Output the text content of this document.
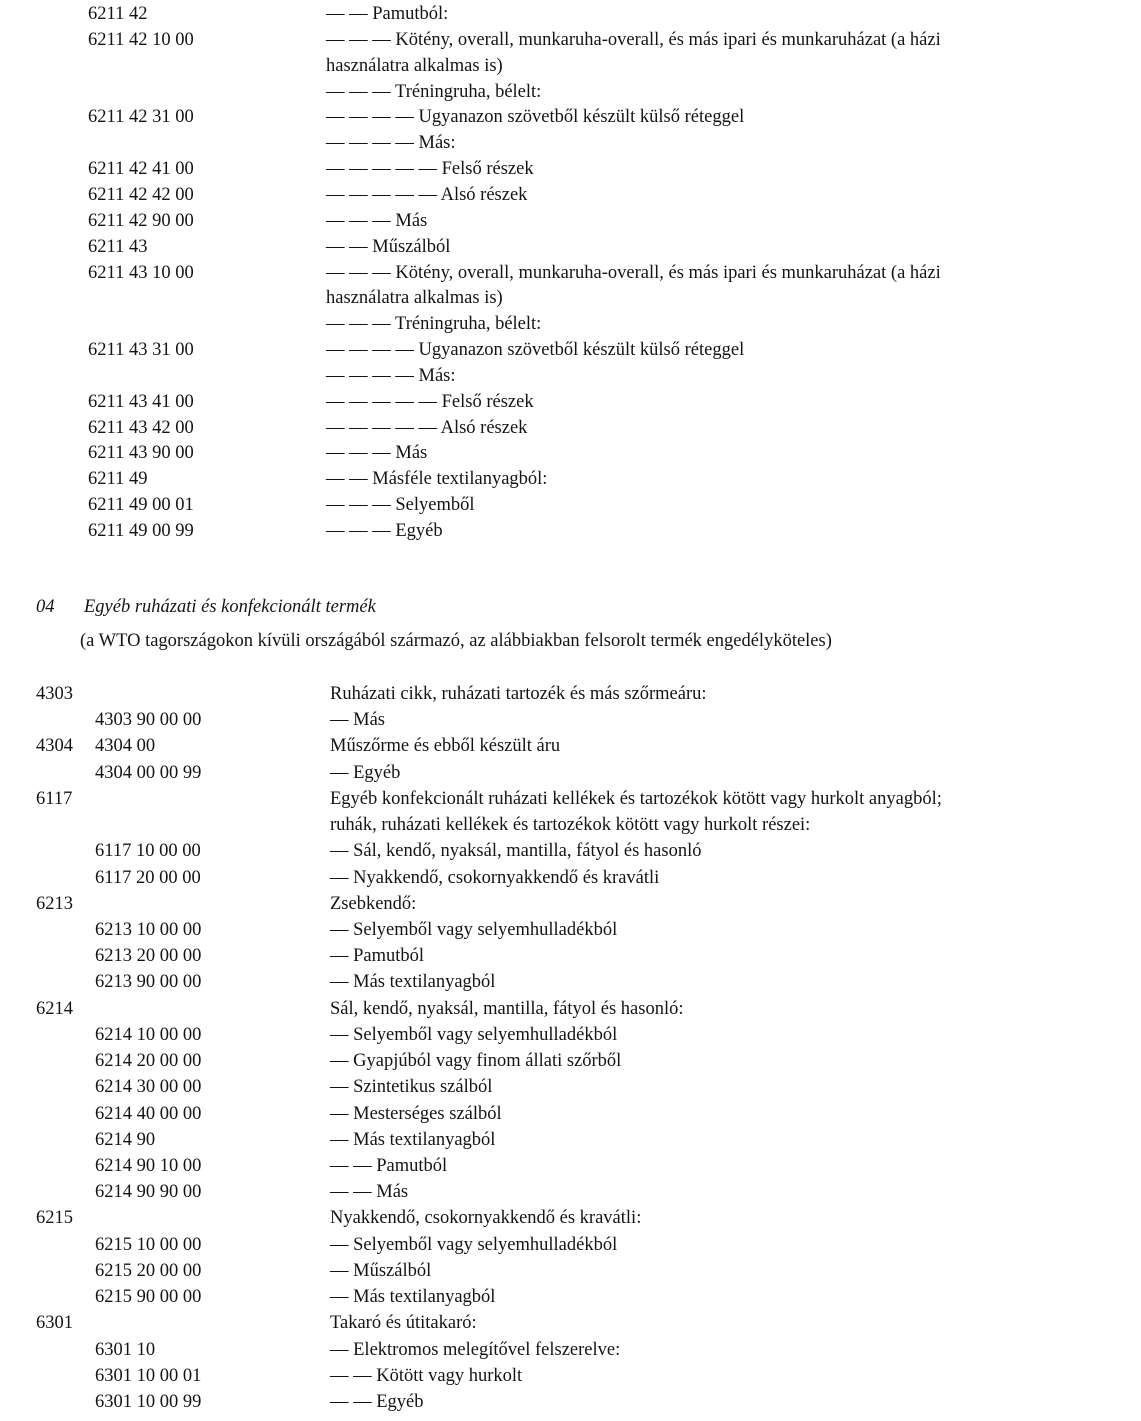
6211 42	— — Pamutból:
6211 42 10 00	— — — Kötény, overall, munkaruha-overall, és más ipari és munkaruházat (a házi
használatra alkalmas is)
— — — Tréningruha, bélelt:
6211 42 31 00	— — — — Ugyanazon szövetből készült külső réteggel
— — — — Más:
6211 42 41 00	— — — — — Felső részek
6211 42 42 00	— — — — — Alsó részek
6211 42 90 00	— — — Más
6211 43	— — Műszálból
6211 43 10 00	— — — Kötény, overall, munkaruha-overall, és más ipari és munkaruházat (a házi
használatra alkalmas is)
— — — Tréningruha, bélelt:
6211 43 31 00	— — — — Ugyanazon szövetből készült külső réteggel
— — — — Más:
6211 43 41 00	— — — — — Felső részek
6211 43 42 00	— — — — — Alsó részek
6211 43 90 00	— — — Más
6211 49	— — Másféle textilanyagból:
6211 49 00 01	— — — Selyemből
6211 49 00 99	— — — Egyéb
04 Egyéb ruházati és konfekcionált termék
(a WTO tagországokon kívüli országából származó, az alábbiakban felsorolt termék engedélyköteles)
4303	Ruházati cikk, ruházati tartozék és más szőrmeáru:
4303 90 00 00	— Más
4304 4304 00	Műszőrme és ebből készült áru
4304 00 00 99	— Egyéb
6117	Egyéb konfekcionált ruházati kellékek és tartozékok kötött vagy hurkolt anyagból;
ruhák, ruházati kellékek és tartozékok kötött vagy hurkolt részei:
6117 10 00 00	— Sál, kendő, nyaksál, mantilla, fátyol és hasonló
6117 20 00 00	— Nyakkendő, csokornyakkendő és kravátli
6213	Zsebkendő:
6213 10 00 00	— Selyemből vagy selyemhulladékból
6213 20 00 00	— Pamutból
6213 90 00 00	— Más textilanyagból
6214	Sál, kendő, nyaksál, mantilla, fátyol és hasonló:
6214 10 00 00	— Selyemből vagy selyemhulladékból
6214 20 00 00	— Gyapjúból vagy finom állati szőrből
6214 30 00 00	— Szintetikus szálból
6214 40 00 00	— Mesterséges szálból
6214 90	— Más textilanyagból
6214 90 10 00	— — Pamutból
6214 90 90 00	— — Más
6215	Nyakkendő, csokornyakkendő és kravátli:
6215 10 00 00	— Selyemből vagy selyemhulladékból
6215 20 00 00	— Műszálból
6215 90 00 00	— Más textilanyagból
6301	Takaró és útitakaró:
6301 10	— Elektromos melegítővel felszerelve:
6301 10 00 01	— — Kötött vagy hurkolt
6301 10 00 99	— — Egyéb
